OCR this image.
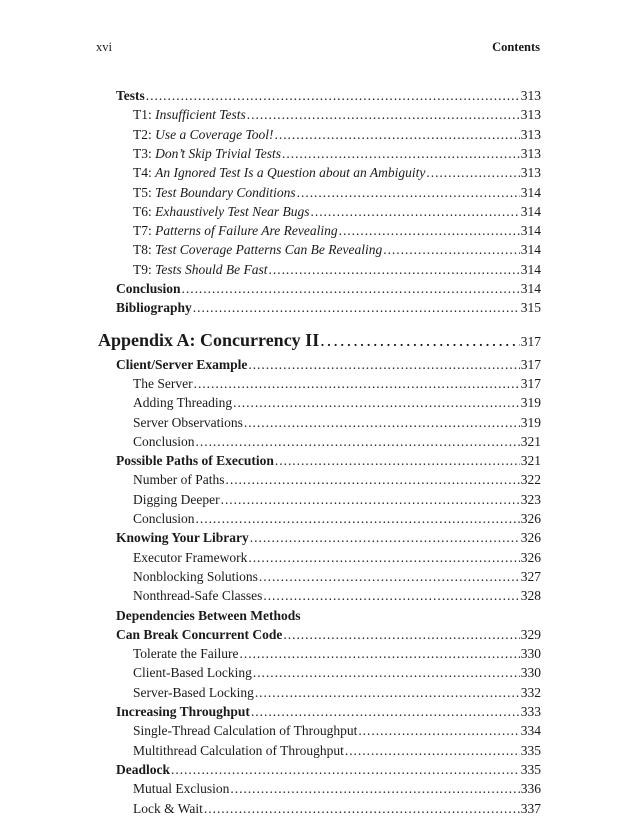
xvi	Contents
Tests . . .	313
T1: Insufficient Tests . . .	313
T2: Use a Coverage Tool! . . .	313
T3: Don’t Skip Trivial Tests . . .	313
T4: An Ignored Test Is a Question about an Ambiguity . . .	313
T5: Test Boundary Conditions . . .	314
T6: Exhaustively Test Near Bugs . . .	314
T7: Patterns of Failure Are Revealing . . .	314
T8: Test Coverage Patterns Can Be Revealing . . .	314
T9: Tests Should Be Fast . . .	314
Conclusion . . .	314
Bibliography . . .	315
Appendix A: Concurrency II . . .	317
Client/Server Example . . .	317
The Server . . .	317
Adding Threading . . .	319
Server Observations . . .	319
Conclusion . . .	321
Possible Paths of Execution . . .	321
Number of Paths . . .	322
Digging Deeper . . .	323
Conclusion . . .	326
Knowing Your Library . . .	326
Executor Framework . . .	326
Nonblocking Solutions . . .	327
Nonthread-Safe Classes . . .	328
Dependencies Between Methods
Can Break Concurrent Code . . .	329
Tolerate the Failure . . .	330
Client-Based Locking . . .	330
Server-Based Locking . . .	332
Increasing Throughput . . .	333
Single-Thread Calculation of Throughput . . .	334
Multithread Calculation of Throughput . . .	335
Deadlock . . .	335
Mutual Exclusion . . .	336
Lock & Wait . . .	337
